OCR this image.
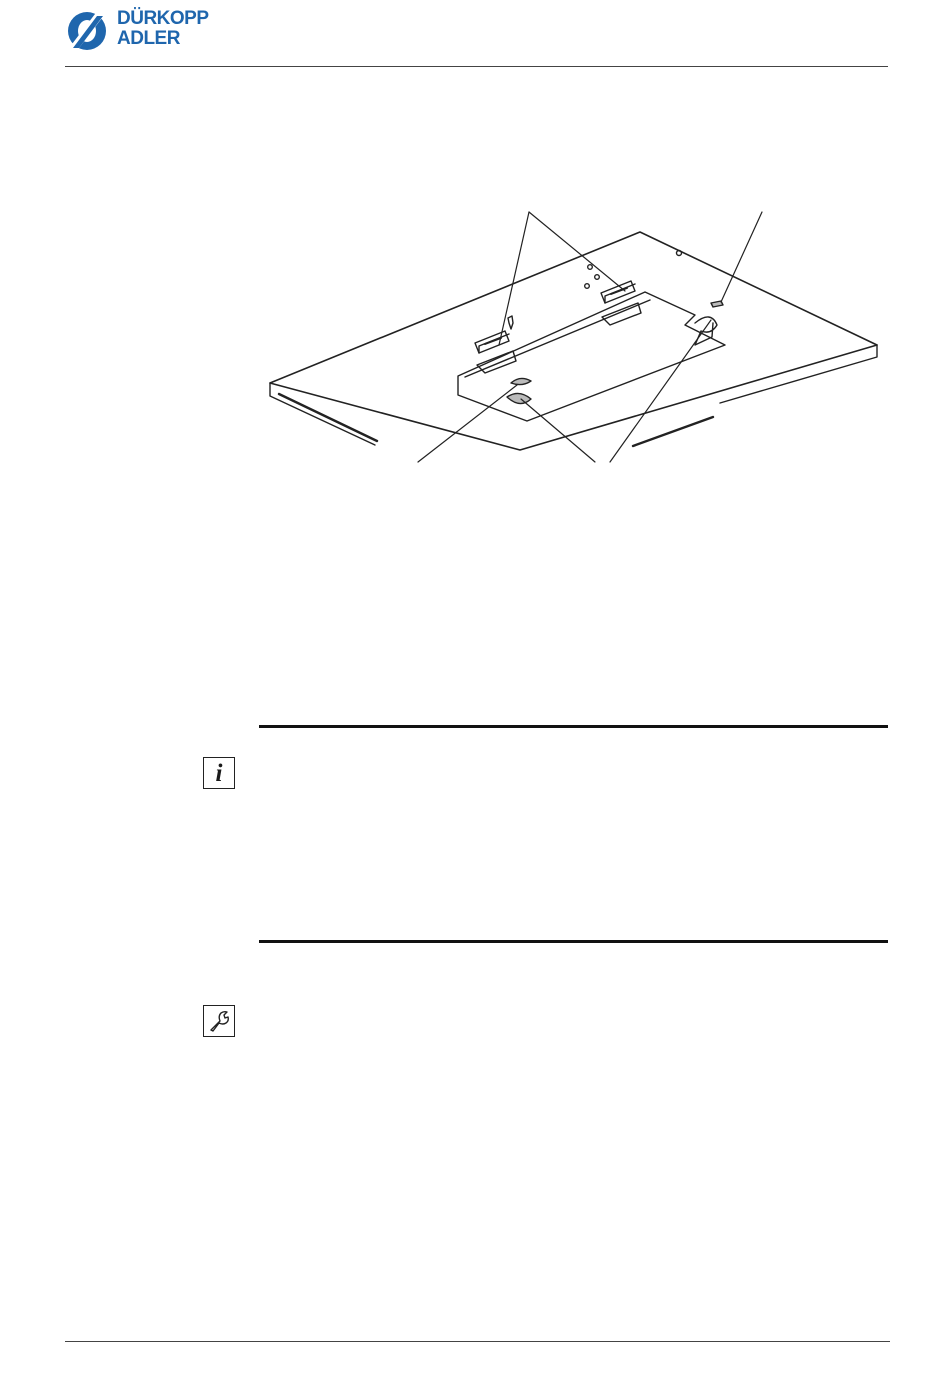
DÜRKOPP
ADLER
i
